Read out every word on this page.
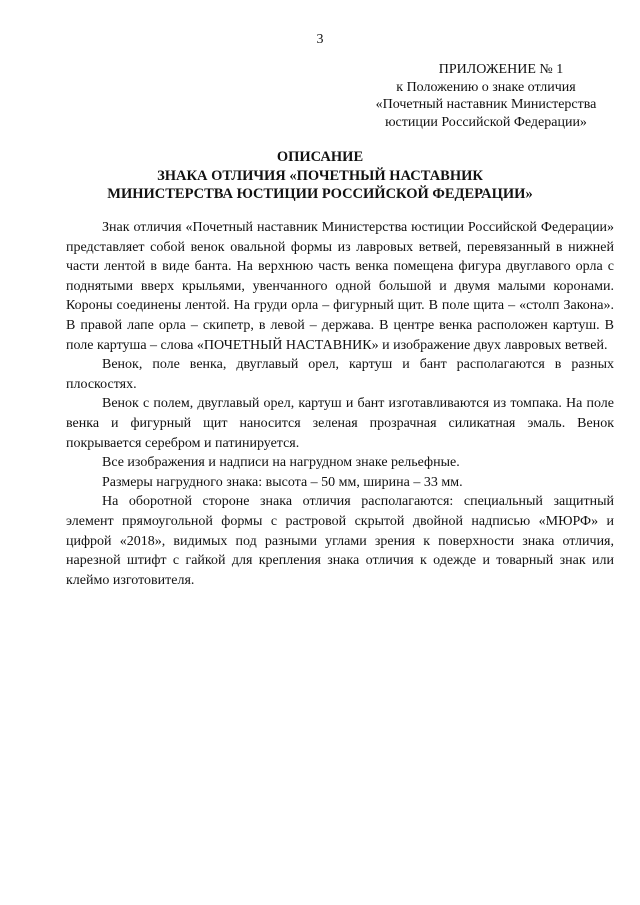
3
ПРИЛОЖЕНИЕ № 1
к Положению о знаке отличия
«Почетный наставник Министерства
юстиции Российской Федерации»
ОПИСАНИЕ
ЗНАКА ОТЛИЧИЯ «ПОЧЕТНЫЙ НАСТАВНИК
МИНИСТЕРСТВА ЮСТИЦИИ РОССИЙСКОЙ ФЕДЕРАЦИИ»

Знак отличия «Почетный наставник Министерства юстиции Российской Федерации» представляет собой венок овальной формы из лавровых ветвей, перевязанный в нижней части лентой в виде банта. На верхнюю часть венка помещена фигура двуглавого орла с поднятыми вверх крыльями, увенчанного одной большой и двумя малыми коронами. Короны соединены лентой. На груди орла – фигурный щит. В поле щита – «столп Закона». В правой лапе орла – скипетр, в левой – держава. В центре венка расположен картуш. В поле картуша – слова «ПОЧЕТНЫЙ НАСТАВНИК» и изображение двух лавровых ветвей.

Венок, поле венка, двуглавый орел, картуш и бант располагаются в разных плоскостях.

Венок с полем, двуглавый орел, картуш и бант изготавливаются из томпака. На поле венка и фигурный щит наносится зеленая прозрачная силикатная эмаль. Венок покрывается серебром и патинируется.

Все изображения и надписи на нагрудном знаке рельефные.

Размеры нагрудного знака: высота – 50 мм, ширина – 33 мм.

На оборотной стороне знака отличия располагаются: специальный защитный элемент прямоугольной формы с растровой скрытой двойной надписью «МЮРФ» и цифрой «2018», видимых под разными углами зрения к поверхности знака отличия, нарезной штифт с гайкой для крепления знака отличия к одежде и товарный знак или клеймо изготовителя.
